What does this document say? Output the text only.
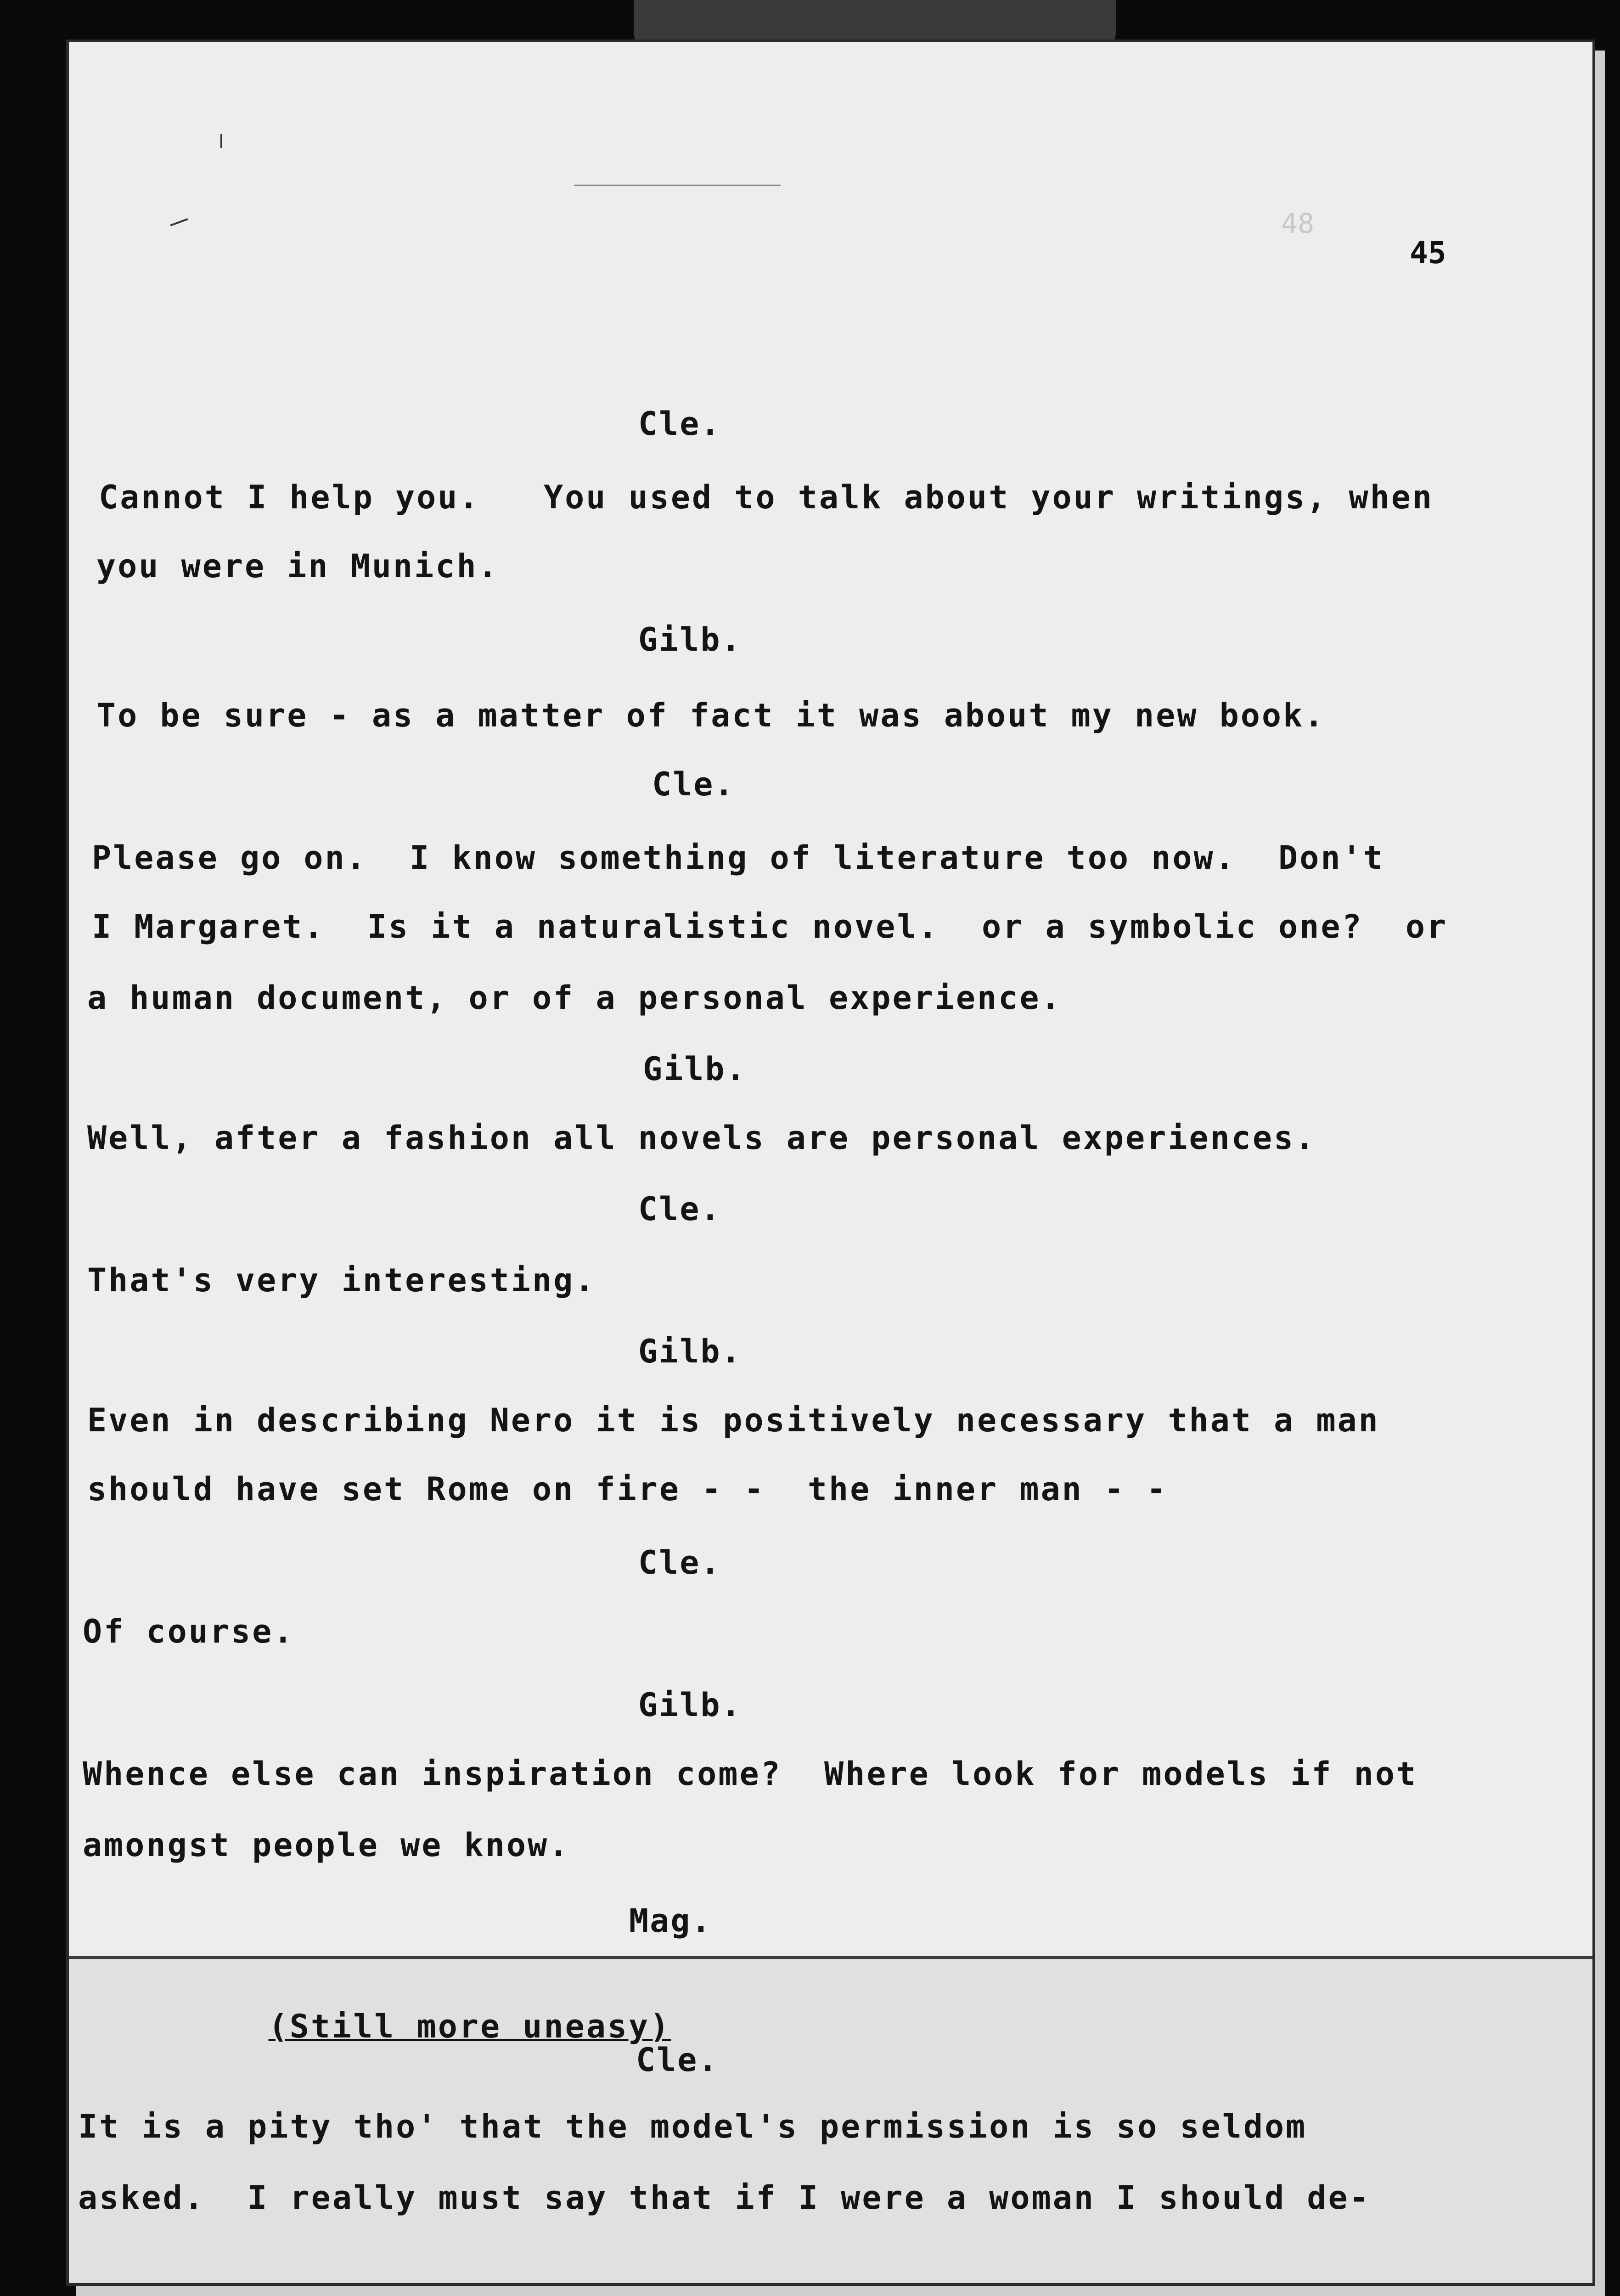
48
45
Cle.
Cannot I help you.   You used to talk about your writings, when
you were in Munich.
Gilb.
To be sure - as a matter of fact it was about my new book.
Cle.
Please go on.  I know something of literature too now.  Don't
I Margaret.  Is it a naturalistic novel.  or a symbolic one?  or
a human document, or of a personal experience.
Gilb.
Well, after a fashion all novels are personal experiences.
Cle.
That's very interesting.
Gilb.
Even in describing Nero it is positively necessary that a man
should have set Rome on fire - -  the inner man - -
Cle.
Of course.
Gilb.
Whence else can inspiration come?  Where look for models if not
amongst people we know.
Mag.

(Still more uneasy)

Cle.
It is a pity tho' that the model's permission is so seldom
asked.  I really must say that if I were a woman I should de-
